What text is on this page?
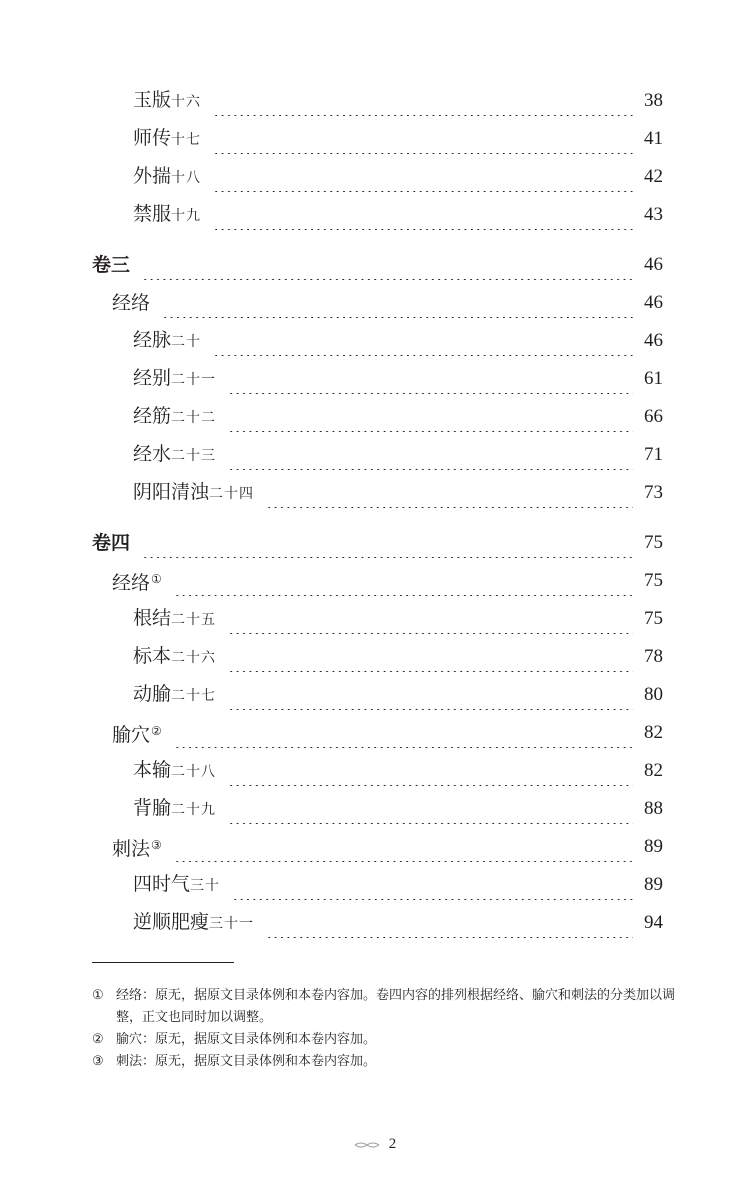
玉版十六	38
师传十七	41
外揣十八	42
禁服十九	43
卷三	46
经络	46
经脉二十	46
经别二十一	61
经筋二十二	66
经水二十三	71
阴阳清浊二十四	73
卷四	75
经络①	75
根结二十五	75
标本二十六	78
动腧二十七	80
腧穴②	82
本输二十八	82
背腧二十九	88
刺法③	89
四时气三十	89
逆顺肥瘦三十一	94
① 经络：原无，据原文目录体例和本卷内容加。卷四内容的排列根据经络、腧穴和刺法的分类加以调整，正文也同时加以调整。
② 腧穴：原无，据原文目录体例和本卷内容加。
③ 刺法：原无，据原文目录体例和本卷内容加。
2
